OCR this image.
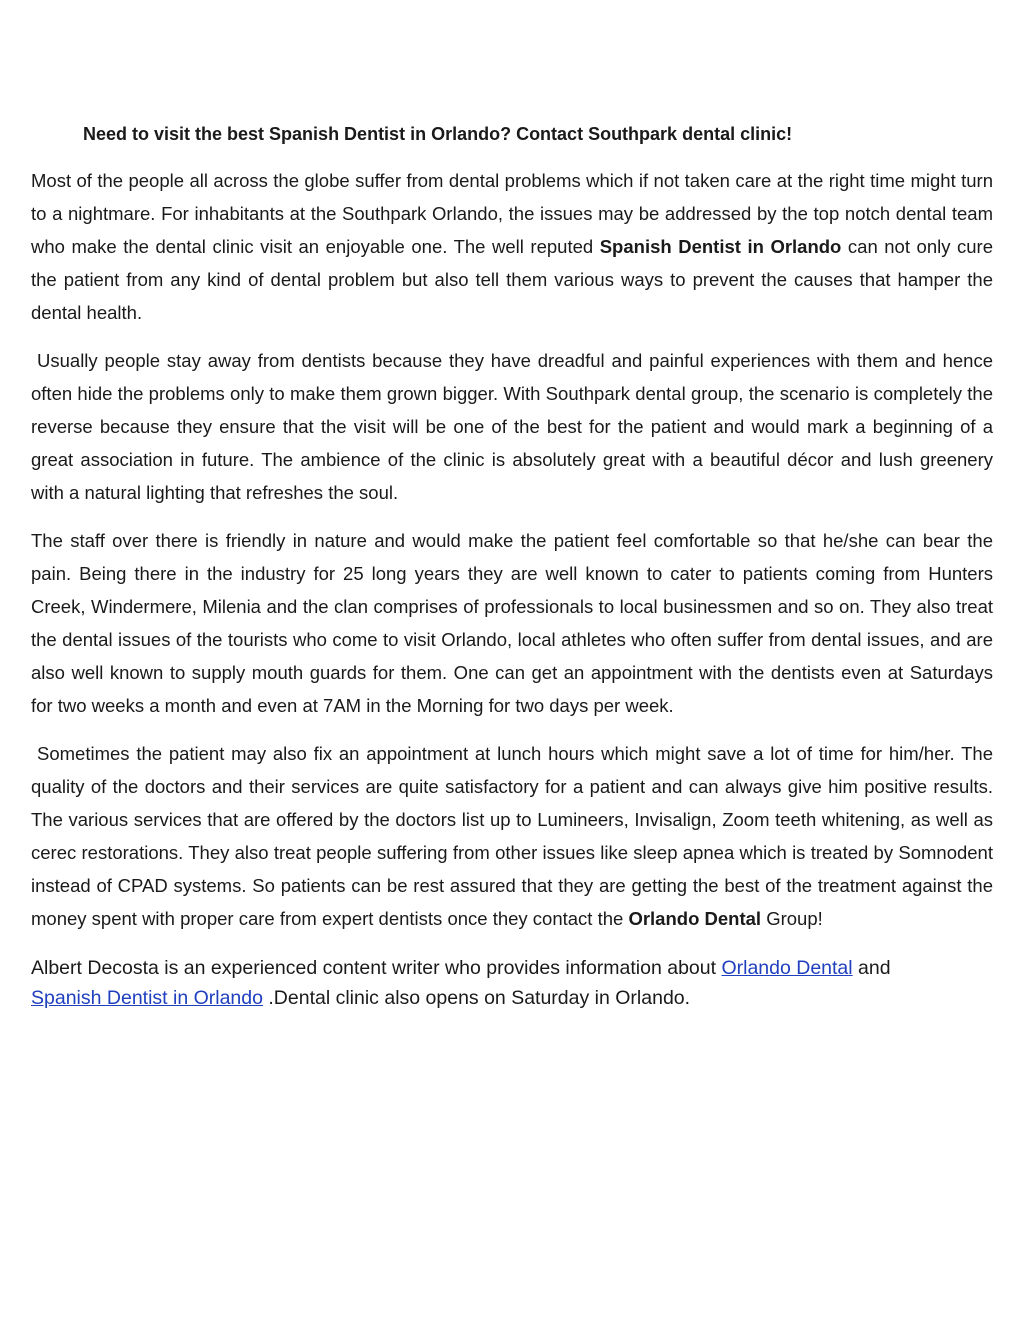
Need to visit the best Spanish Dentist in Orlando? Contact Southpark dental clinic!

Most of the people all across the globe suffer from dental problems which if not taken care at the right time might turn to a nightmare. For inhabitants at the Southpark Orlando, the issues may be addressed by the top notch dental team who make the dental clinic visit an enjoyable one. The well reputed Spanish Dentist in Orlando can not only cure the patient from any kind of dental problem but also tell them various ways to prevent the causes that hamper the dental health.

Usually people stay away from dentists because they have dreadful and painful experiences with them and hence often hide the problems only to make them grown bigger. With Southpark dental group, the scenario is completely the reverse because they ensure that the visit will be one of the best for the patient and would mark a beginning of a great association in future. The ambience of the clinic is absolutely great with a beautiful décor and lush greenery with a natural lighting that refreshes the soul.

The staff over there is friendly in nature and would make the patient feel comfortable so that he/she can bear the pain. Being there in the industry for 25 long years they are well known to cater to patients coming from Hunters Creek, Windermere, Milenia and the clan comprises of professionals to local businessmen and so on. They also treat the dental issues of the tourists who come to visit Orlando, local athletes who often suffer from dental issues, and are also well known to supply mouth guards for them. One can get an appointment with the dentists even at Saturdays for two weeks a month and even at 7AM in the Morning for two days per week.

Sometimes the patient may also fix an appointment at lunch hours which might save a lot of time for him/her. The quality of the doctors and their services are quite satisfactory for a patient and can always give him positive results. The various services that are offered by the doctors list up to Lumineers, Invisalign, Zoom teeth whitening, as well as cerec restorations. They also treat people suffering from other issues like sleep apnea which is treated by Somnodent instead of CPAD systems. So patients can be rest assured that they are getting the best of the treatment against the money spent with proper care from expert dentists once they contact the Orlando Dental Group!

Albert Decosta is an experienced content writer who provides information about Orlando Dental and
Spanish Dentist in Orlando .Dental clinic also opens on Saturday in Orlando.
